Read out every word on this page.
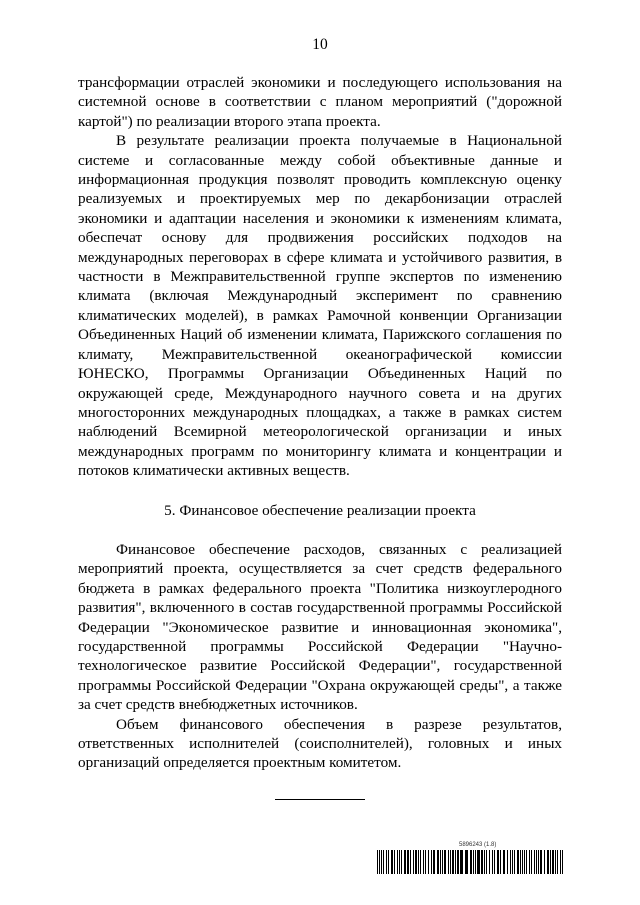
10

трансформации отраслей экономики и последующего использования на системной основе в соответствии с планом мероприятий ("дорожной картой") по реализации второго этапа проекта.

В результате реализации проекта получаемые в Национальной системе и согласованные между собой объективные данные и информационная продукция позволят проводить комплексную оценку реализуемых и проектируемых мер по декарбонизации отраслей экономики и адаптации населения и экономики к изменениям климата, обеспечат основу для продвижения российских подходов на международных переговорах в сфере климата и устойчивого развития, в частности в Межправительственной группе экспертов по изменению климата (включая Международный эксперимент по сравнению климатических моделей), в рамках Рамочной конвенции Организации Объединенных Наций об изменении климата, Парижского соглашения по климату, Межправительственной океанографической комиссии ЮНЕСКО, Программы Организации Объединенных Наций по окружающей среде, Международного научного совета и на других многосторонних международных площадках, а также в рамках систем наблюдений Всемирной метеорологической организации и иных международных программ по мониторингу климата и концентрации и потоков климатически активных веществ.

5. Финансовое обеспечение реализации проекта

Финансовое обеспечение расходов, связанных с реализацией мероприятий проекта, осуществляется за счет средств федерального бюджета в рамках федерального проекта "Политика низкоуглеродного развития", включенного в состав государственной программы Российской Федерации "Экономическое развитие и инновационная экономика", государственной программы Российской Федерации "Научно-технологическое развитие Российской Федерации", государственной программы Российской Федерации "Охрана окружающей среды", а также за счет средств внебюджетных источников.

Объем финансового обеспечения в разрезе результатов, ответственных исполнителей (соисполнителей), головных и иных организаций определяется проектным комитетом.

5896243 (1.8)
